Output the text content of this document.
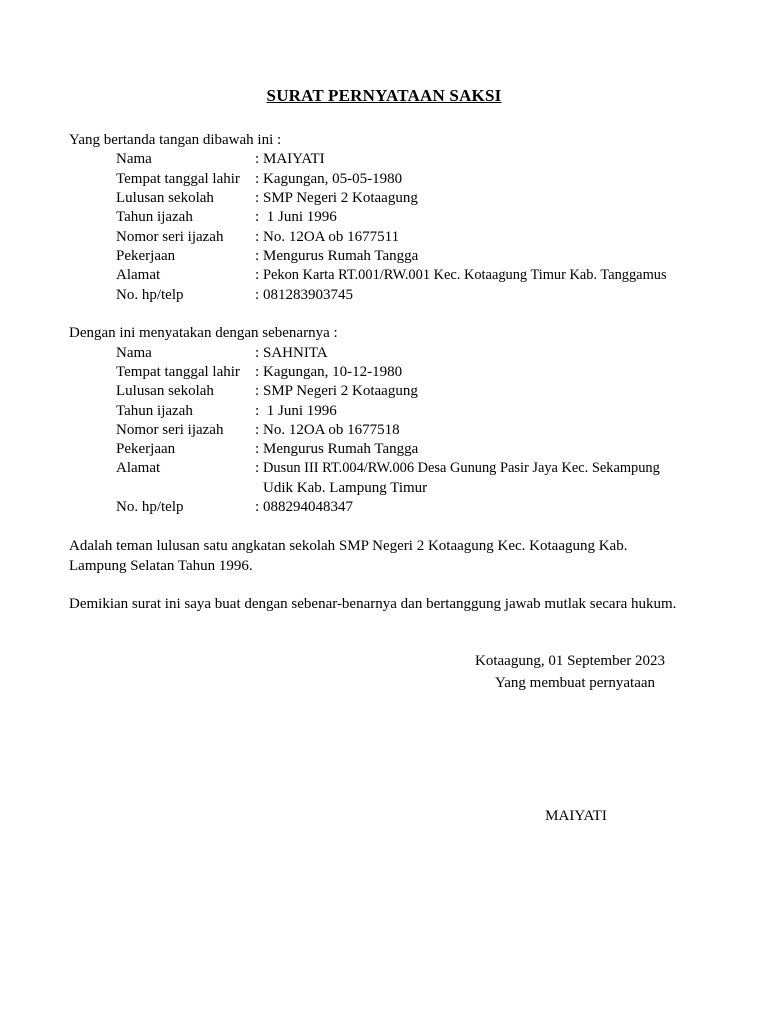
SURAT PERNYATAAN SAKSI
Yang bertanda tangan dibawah ini :
Nama	: MAIYATI
Tempat tanggal lahir : Kagungan, 05-05-1980
Lulusan sekolah	: SMP Negeri 2 Kotaagung
Tahun ijazah	: 1 Juni 1996
Nomor seri ijazah : No. 12OA ob 1677511
Pekerjaan	: Mengurus Rumah Tangga
Alamat	: Pekon Karta RT.001/RW.001 Kec. Kotaagung Timur Kab. Tanggamus
No. hp/telp	: 081283903745
Dengan ini menyatakan dengan sebenarnya :
Nama	: SAHNITA
Tempat tanggal lahir : Kagungan, 10-12-1980
Lulusan sekolah	: SMP Negeri 2 Kotaagung
Tahun ijazah	: 1 Juni 1996
Nomor seri ijazah : No. 12OA ob 1677518
Pekerjaan	: Mengurus Rumah Tangga
Alamat	: Dusun III RT.004/RW.006 Desa Gunung Pasir Jaya Kec. Sekampung
Udik Kab. Lampung Timur
No. hp/telp	: 088294048347
Adalah teman lulusan satu angkatan sekolah SMP Negeri 2 Kotaagung Kec. Kotaagung Kab. Lampung Selatan Tahun 1996.
Demikian surat ini saya buat dengan sebenar-benarnya dan bertanggung jawab mutlak secara hukum.
Kotaagung, 01 September 2023
Yang membuat pernyataan
MAIYATI
